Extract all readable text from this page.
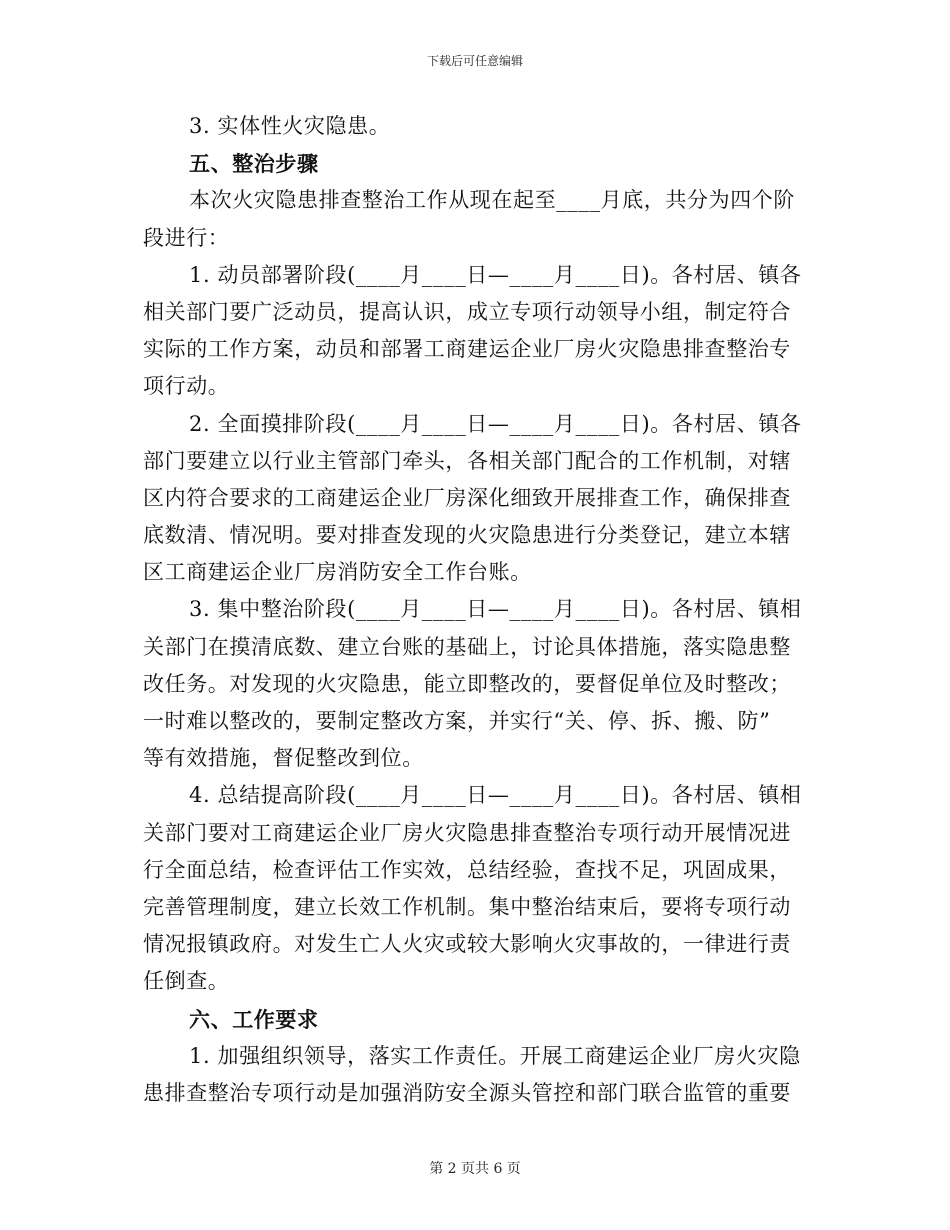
下载后可任意编辑
3. 实体性火灾隐患。
五、整治步骤
本次火灾隐患排查整治工作从现在起至____月底，共分为四个阶
段进行：
1. 动员部署阶段(____月____日—____月____日)。各村居、镇各
相关部门要广泛动员，提高认识，成立专项行动领导小组，制定符合
实际的工作方案，动员和部署工商建运企业厂房火灾隐患排查整治专
项行动。
2. 全面摸排阶段(____月____日—____月____日)。各村居、镇各
部门要建立以行业主管部门牵头，各相关部门配合的工作机制，对辖
区内符合要求的工商建运企业厂房深化细致开展排查工作，确保排查
底数清、情况明。要对排查发现的火灾隐患进行分类登记，建立本辖
区工商建运企业厂房消防安全工作台账。
3. 集中整治阶段(____月____日—____月____日)。各村居、镇相
关部门在摸清底数、建立台账的基础上，讨论具体措施，落实隐患整
改任务。对发现的火灾隐患，能立即整改的，要督促单位及时整改；
一时难以整改的，要制定整改方案，并实行“关、停、拆、搬、防”
等有效措施，督促整改到位。
4. 总结提高阶段(____月____日—____月____日)。各村居、镇相
关部门要对工商建运企业厂房火灾隐患排查整治专项行动开展情况进
行全面总结，检查评估工作实效，总结经验，查找不足，巩固成果，
完善管理制度，建立长效工作机制。集中整治结束后，要将专项行动
情况报镇政府。对发生亡人火灾或较大影响火灾事故的，一律进行责
任倒查。
六、工作要求
1. 加强组织领导，落实工作责任。开展工商建运企业厂房火灾隐
患排查整治专项行动是加强消防安全源头管控和部门联合监管的重要
第 2 页共 6 页
